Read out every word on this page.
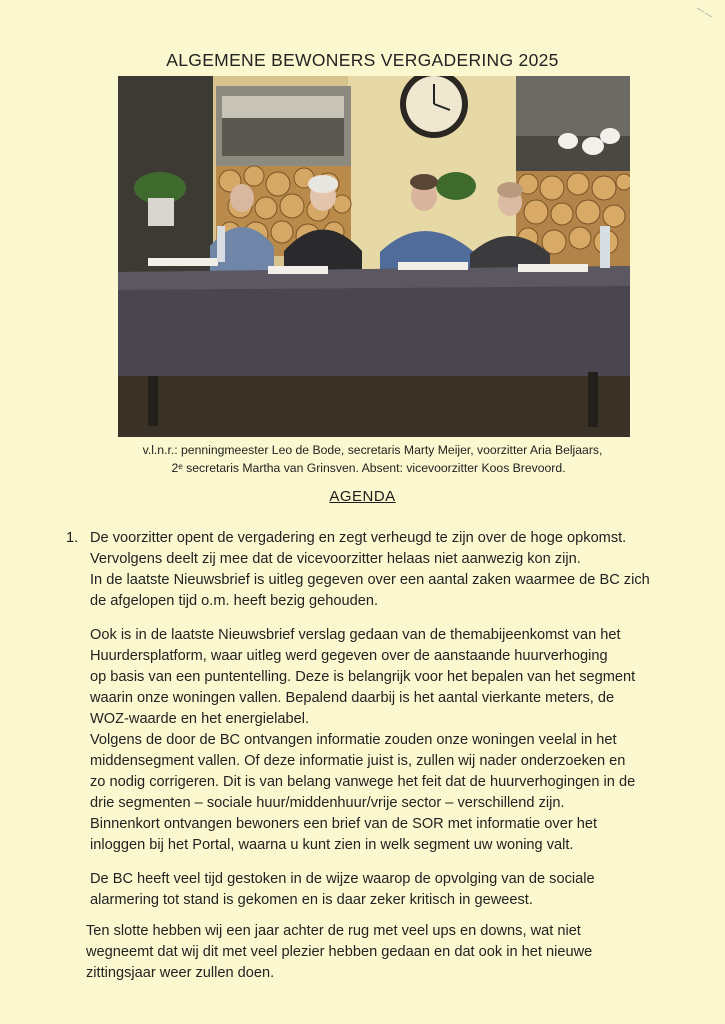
ALGEMENE BEWONERS VERGADERING 2025
v.l.n.r.: penningmeester Leo de Bode, secretaris Marty Meijer, voorzitter Aria Beljaars,
2ᵉ secretaris Martha van Grinsven. Absent: vicevoorzitter Koos Brevoord.
AGENDA
1. De voorzitter opent de vergadering en zegt verheugd te zijn over de hoge opkomst.
Vervolgens deelt zij mee dat de vicevoorzitter helaas niet aanwezig kon zijn.
In de laatste Nieuwsbrief is uitleg gegeven over een aantal zaken waarmee de BC zich
de afgelopen tijd o.m. heeft bezig gehouden.
Ook is in de laatste Nieuwsbrief verslag gedaan van de themabijeenkomst van het
Huurdersplatform, waar uitleg werd gegeven over de aanstaande huurverhoging
op basis van een puntentelling. Deze is belangrijk voor het bepalen van het segment
waarin onze woningen vallen. Bepalend daarbij is het aantal vierkante meters, de
WOZ-waarde en het energielabel.
Volgens de door de BC ontvangen informatie zouden onze woningen veelal in het
middensegment vallen. Of deze informatie juist is, zullen wij nader onderzoeken en
zo nodig corrigeren. Dit is van belang vanwege het feit dat de huurverhogingen in de
drie segmenten – sociale huur/middenhuur/vrije sector – verschillend zijn.
Binnenkort ontvangen bewoners een brief van de SOR met informatie over het
inloggen bij het Portal, waarna u kunt zien in welk segment uw woning valt.
De BC heeft veel tijd gestoken in de wijze waarop de opvolging van de sociale
alarmering tot stand is gekomen en is daar zeker kritisch in geweest.
Ten slotte hebben wij een jaar achter de rug met veel ups en downs, wat niet
wegneemt dat wij dit met veel plezier hebben gedaan en dat ook in het nieuwe
zittingsjaar weer zullen doen.
